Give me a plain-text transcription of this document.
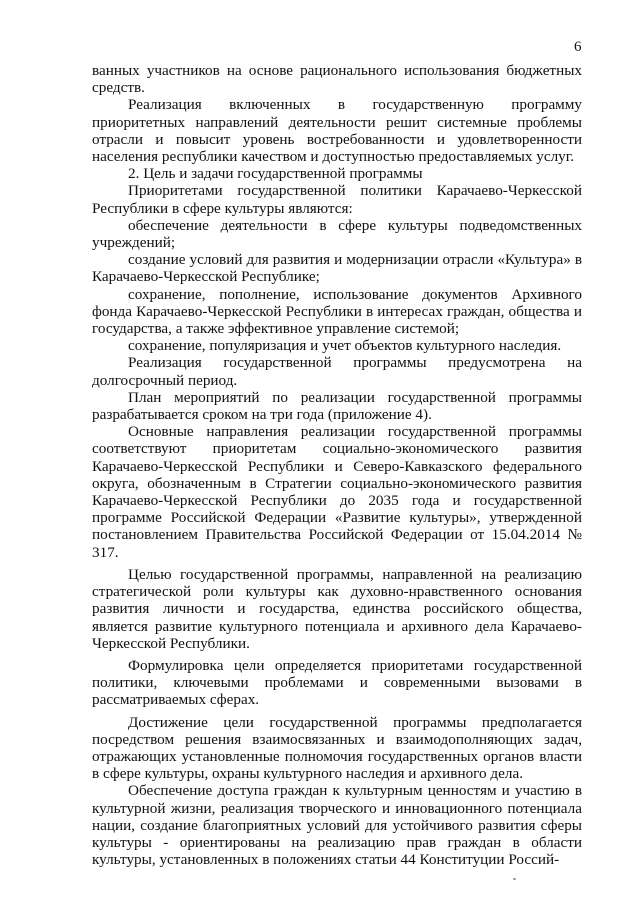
6

ванных участников на основе рационального использования бюджетных средств.

Реализация включенных в государственную программу приоритетных направлений деятельности решит системные проблемы отрасли и повысит уровень востребованности и удовлетворенности населения республики качеством и доступностью предоставляемых услуг.

2. Цель и задачи государственной программы

Приоритетами государственной политики Карачаево-Черкесской Республики в сфере культуры являются:

обеспечение деятельности в сфере культуры подведомственных учреждений;

создание условий для развития и модернизации отрасли «Культура» в Карачаево-Черкесской Республике;

сохранение, пополнение, использование документов Архивного фонда Карачаево-Черкесской Республики в интересах граждан, общества и государства, а также эффективное управление системой;

сохранение, популяризация и учет объектов культурного наследия.

Реализация государственной программы предусмотрена на долгосрочный период.

План мероприятий по реализации государственной программы разрабатывается сроком на три года (приложение 4).

Основные направления реализации государственной программы соответствуют приоритетам социально-экономического развития Карачаево-Черкесской Республики и Северо-Кавказского федерального округа, обозначенным в Стратегии социально-экономического развития Карачаево-Черкесской Республики до 2035 года и государственной программе Российской Федерации «Развитие культуры», утвержденной постановлением Правительства Российской Федерации от 15.04.2014 № 317.

Целью государственной программы, направленной на реализацию стратегической роли культуры как духовно-нравственного основания развития личности и государства, единства российского общества, является развитие культурного потенциала и архивного дела Карачаево-Черкесской Республики.

Формулировка цели определяется приоритетами государственной политики, ключевыми проблемами и современными вызовами в рассматриваемых сферах.

Достижение цели государственной программы предполагается посредством решения взаимосвязанных и взаимодополняющих задач, отражающих установленные полномочия государственных органов власти в сфере культуры, охраны культурного наследия и архивного дела.

Обеспечение доступа граждан к культурным ценностям и участию в культурной жизни, реализация творческого и инновационного потенциала нации, создание благоприятных условий для устойчивого развития сферы культуры - ориентированы на реализацию прав граждан в области культуры, установленных в положениях статьи 44 Конституции Россий-
